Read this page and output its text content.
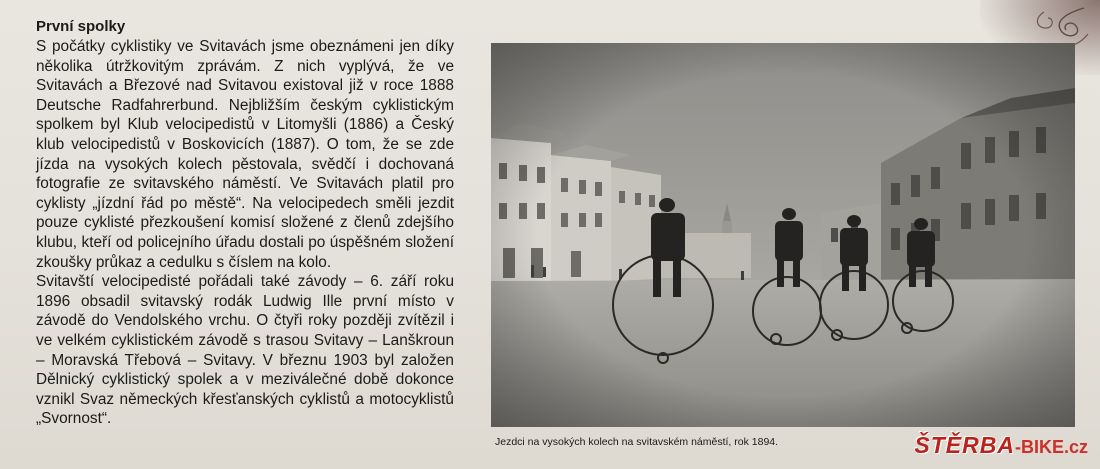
První spolky

S počátky cyklistiky ve Svitavách jsme obeznámeni jen díky několika útržkovitým zprávám. Z nich vyplývá, že ve Svitavách a Březové nad Svitavou existoval již v roce 1888 Deutsche Radfahrerbund. Nejbližším českým cyklistickým spolkem byl Klub velocipedistů v Litomyšli (1886) a Český klub velocipedistů v Boskovicích (1887). O tom, že se zde jízda na vysokých kolech pěstovala, svědčí i dochovaná fotografie ze svitavského náměstí. Ve Svitavách platil pro cyklisty „jízdní řád po městě“. Na velocipedech směli jezdit pouze cyklisté přezkoušení komisí složené z členů zdejšího klubu, kteří od policejního úřadu dostali po úspěšném složení zkoušky průkaz a cedulku s číslem na kolo.

Svitavští velocipedisté pořádali také závody – 6. září roku 1896 obsadil svitavský rodák Ludwig Ille první místo v závodě do Vendolského vrchu. O čtyři roky později zvítězil i ve velkém cyklistickém závodě s trasou Svitavy – Lanškroun – Moravská Třebová – Svitavy. V březnu 1903 byl založen Dělnický cyklistický spolek a v meziválečné době dokonce vznikl Svaz německých křesťanských cyklistů a motocyklistů „Svornost“.

Jezdci na vysokých kolech na svitavském náměstí, rok 1894.	ŠTĚRBA-BIKE.cz
